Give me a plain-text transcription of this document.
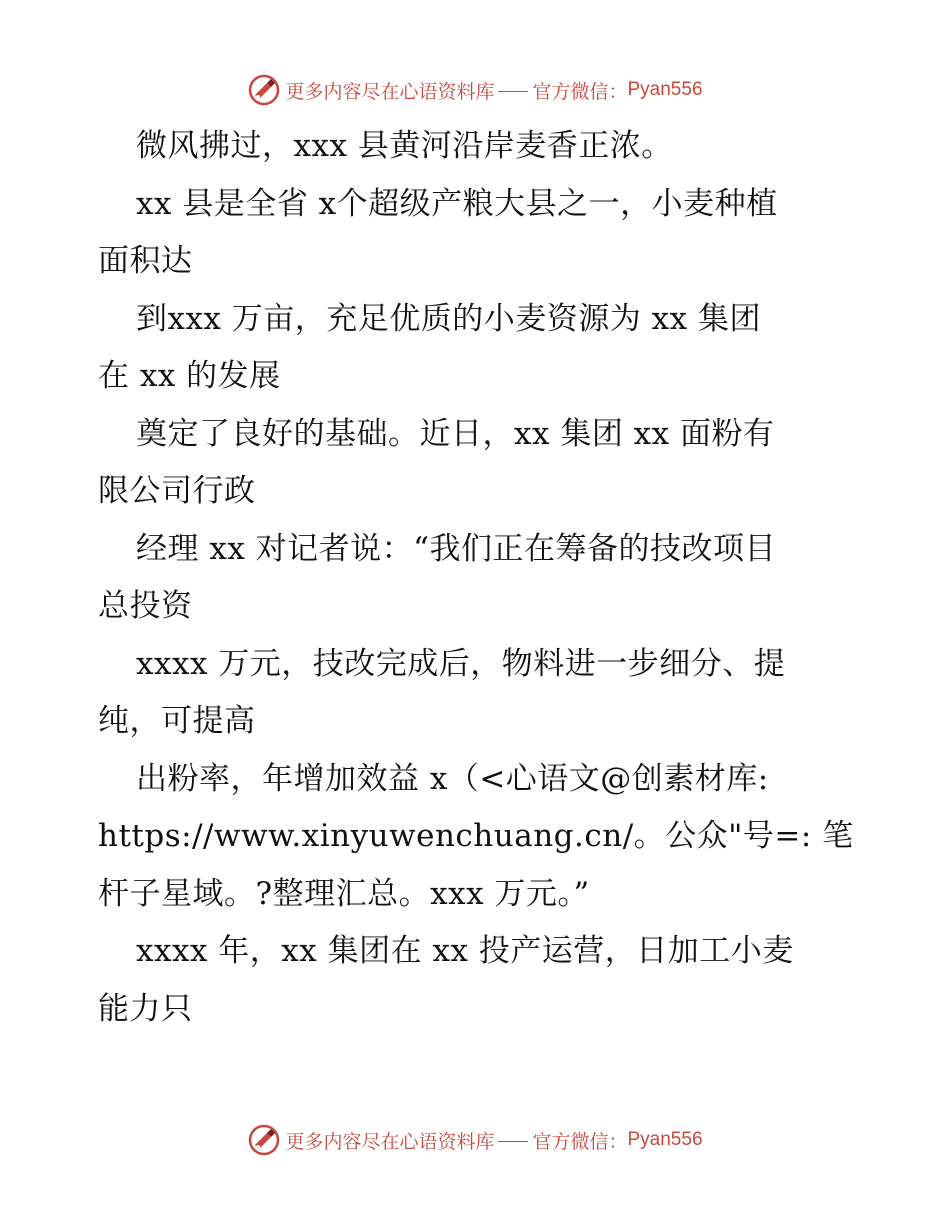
更多内容尽在心语资料库 官方微信： Pyan556
微风拂过，xxx 县黄河沿岸麦香正浓。
xx 县是全省 x个超级产粮大县之一，小麦种植
面积达
到xxx 万亩，充足优质的小麦资源为 xx 集团
在 xx 的发展
奠定了良好的基础。近日，xx 集团 xx 面粉有
限公司行政
经理 xx 对记者说：“我们正在筹备的技改项目
总投资
xxxx 万元，技改完成后，物料进一步细分、提
纯，可提高
出粉率，年增加效益 x（<心语文@创素材库:
https://www.xinyuwenchuang.cn/。公众"号=: 笔
杆子星域。?整理汇总。xxx 万元。”
xxxx 年，xx 集团在 xx 投产运营，日加工小麦
能力只
更多内容尽在心语资料库 官方微信： Pyan556
